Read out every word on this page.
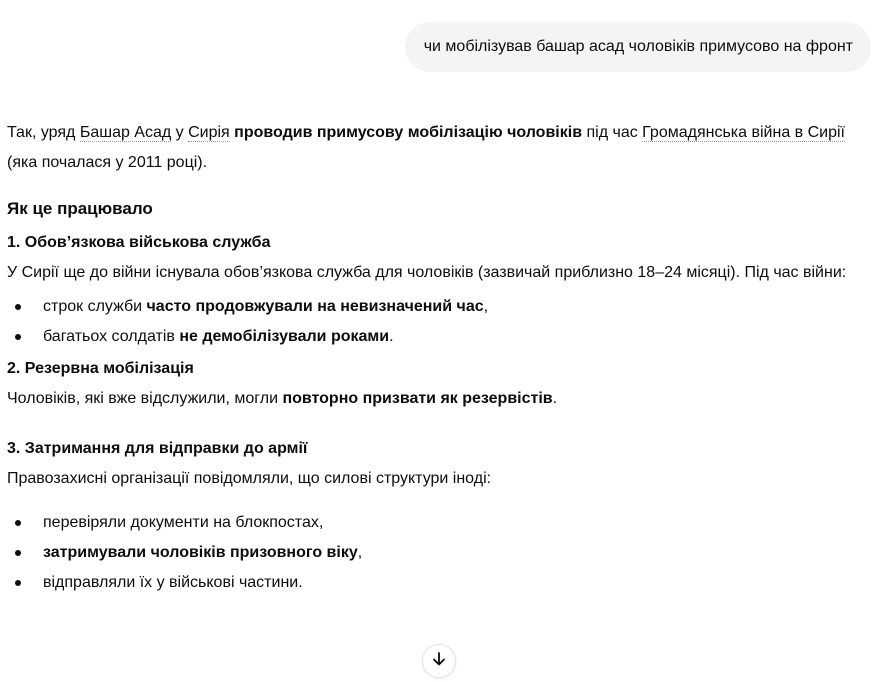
чи мобілізував башар асад чоловіків примусово на фронт

Так, уряд Башар Асад у Сирія проводив примусову мобілізацію чоловіків під час Громадянська війна в Сирії (яка почалася у 2011 році).

Як це працювало

1. Обов’язкова військова служба

У Сирії ще до війни існувала обов’язкова служба для чоловіків (зазвичай приблизно 18–24 місяці). Під час війни:

строк служби часто продовжували на невизначений час,
багатьох солдатів не демобілізували роками.

2. Резервна мобілізація

Чоловіків, які вже відслужили, могли повторно призвати як резервістів.

3. Затримання для відправки до армії

Правозахисні організації повідомляли, що силові структури іноді:

перевіряли документи на блокпостах,
затримували чоловіків призовного віку,
відправляли їх у військові частини.
